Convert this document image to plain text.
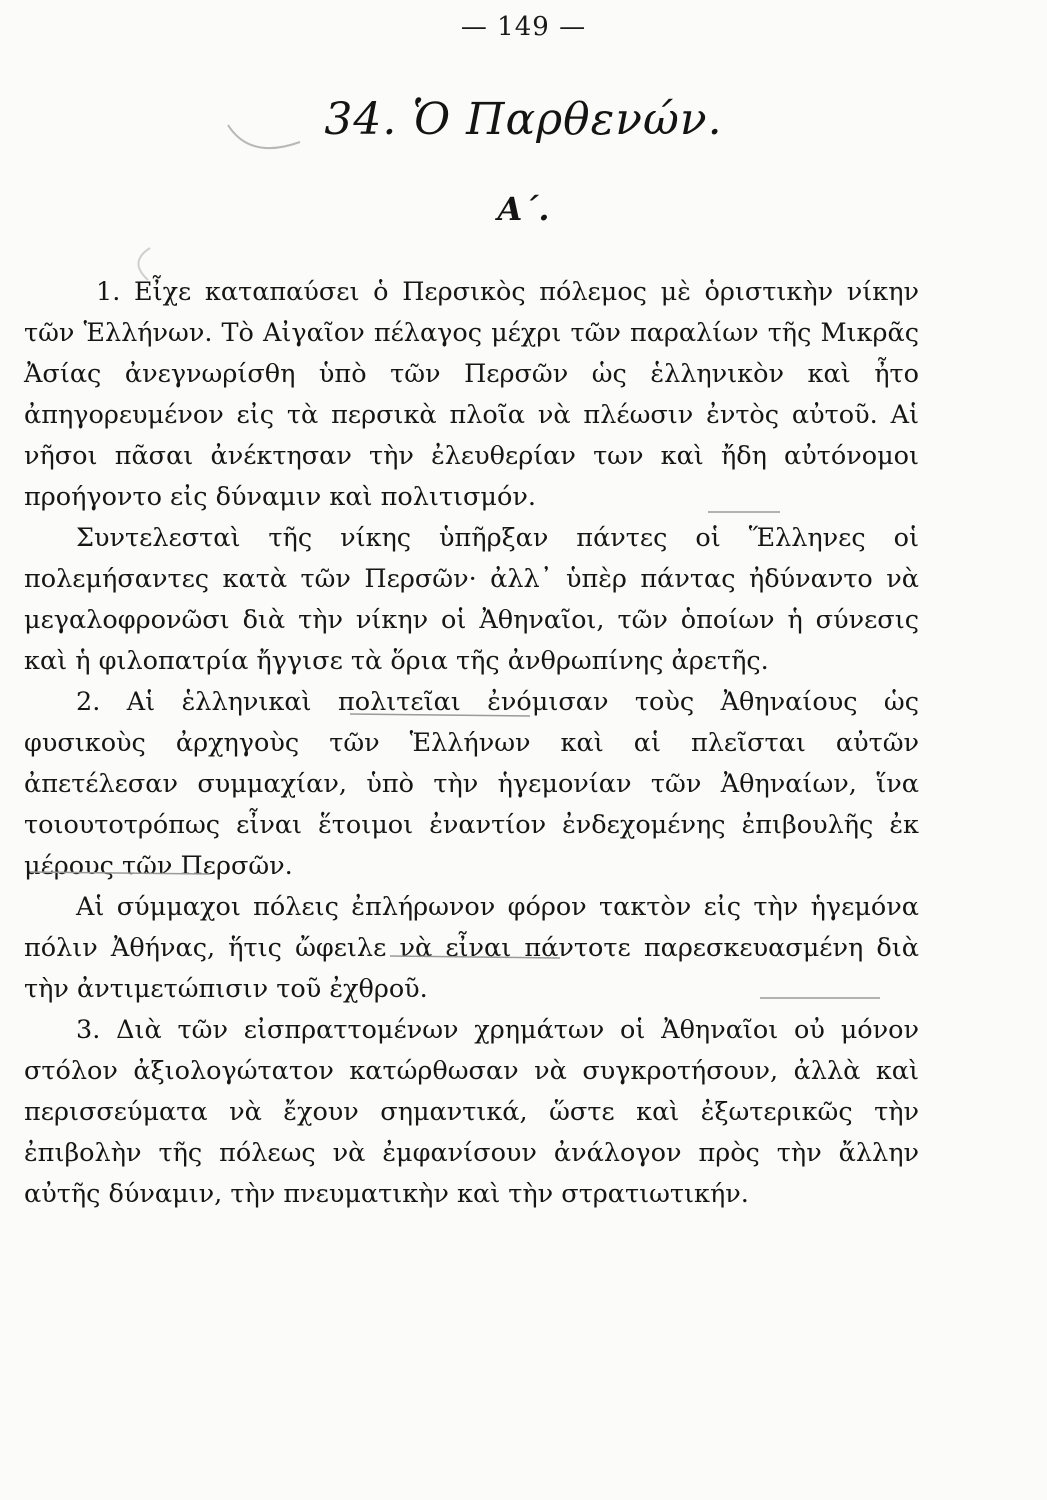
— 149 —
34. Ὁ Παρθενών.
Α΄.

1. Εἶχε καταπαύσει ὁ Περσικὸς πόλεμος μὲ ὁριστικὴν νίκην τῶν Ἑλλήνων. Τὸ Αἰγαῖον πέλαγος μέχρι τῶν παραλίων τῆς Μικρᾶς Ἀσίας ἀνεγνωρίσθη ὑπὸ τῶν Περσῶν ὡς ἑλληνικὸν καὶ ἦτο ἀπηγορευμένον εἰς τὰ περσικὰ πλοῖα νὰ πλέωσιν ἐντὸς αὐτοῦ. Αἱ νῆσοι πᾶσαι ἀνέκτησαν τὴν ἐλευθερίαν των καὶ ἤδη αὐτόνομοι προήγοντο εἰς δύναμιν καὶ πολιτισμόν.

Συντελεσταὶ τῆς νίκης ὑπῆρξαν πάντες οἱ Ἕλληνες οἱ πολεμήσαντες κατὰ τῶν Περσῶν· ἀλλ᾽ ὑπὲρ πάντας ἠδύναντο νὰ μεγαλοφρονῶσι διὰ τὴν νίκην οἱ Ἀθηναῖοι, τῶν ὁποίων ἡ σύνεσις καὶ ἡ φιλοπατρία ἤγγισε τὰ ὅρια τῆς ἀνθρωπίνης ἀρετῆς.

2. Αἱ ἑλληνικαὶ πολιτεῖαι ἐνόμισαν τοὺς Ἀθηναίους ὡς φυσικοὺς ἀρχηγοὺς τῶν Ἑλλήνων καὶ αἱ πλεῖσται αὐτῶν ἀπετέλεσαν συμμαχίαν, ὑπὸ τὴν ἡγεμονίαν τῶν Ἀθηναίων, ἵνα τοιουτοτρόπως εἶναι ἕτοιμοι ἐναντίον ἐνδεχομένης ἐπιβουλῆς ἐκ μέρους τῶν Περσῶν.

Αἱ σύμμαχοι πόλεις ἐπλήρωνον φόρον τακτὸν εἰς τὴν ἡγεμόνα πόλιν Ἀθήνας, ἥτις ὤφειλε νὰ εἶναι πάντοτε παρεσκευασμένη διὰ τὴν ἀντιμετώπισιν τοῦ ἐχθροῦ.

3. Διὰ τῶν εἰσπραττομένων χρημάτων οἱ Ἀθηναῖοι οὐ μόνον στόλον ἀξιολογώτατον κατώρθωσαν νὰ συγκροτήσουν, ἀλλὰ καὶ περισσεύματα νὰ ἔχουν σημαντικά, ὥστε καὶ ἐξωτερικῶς τὴν ἐπιβολὴν τῆς πόλεως νὰ ἐμφανίσουν ἀνάλογον πρὸς τὴν ἄλλην αὐτῆς δύναμιν, τὴν πνευματικὴν καὶ τὴν στρατιωτικήν.
